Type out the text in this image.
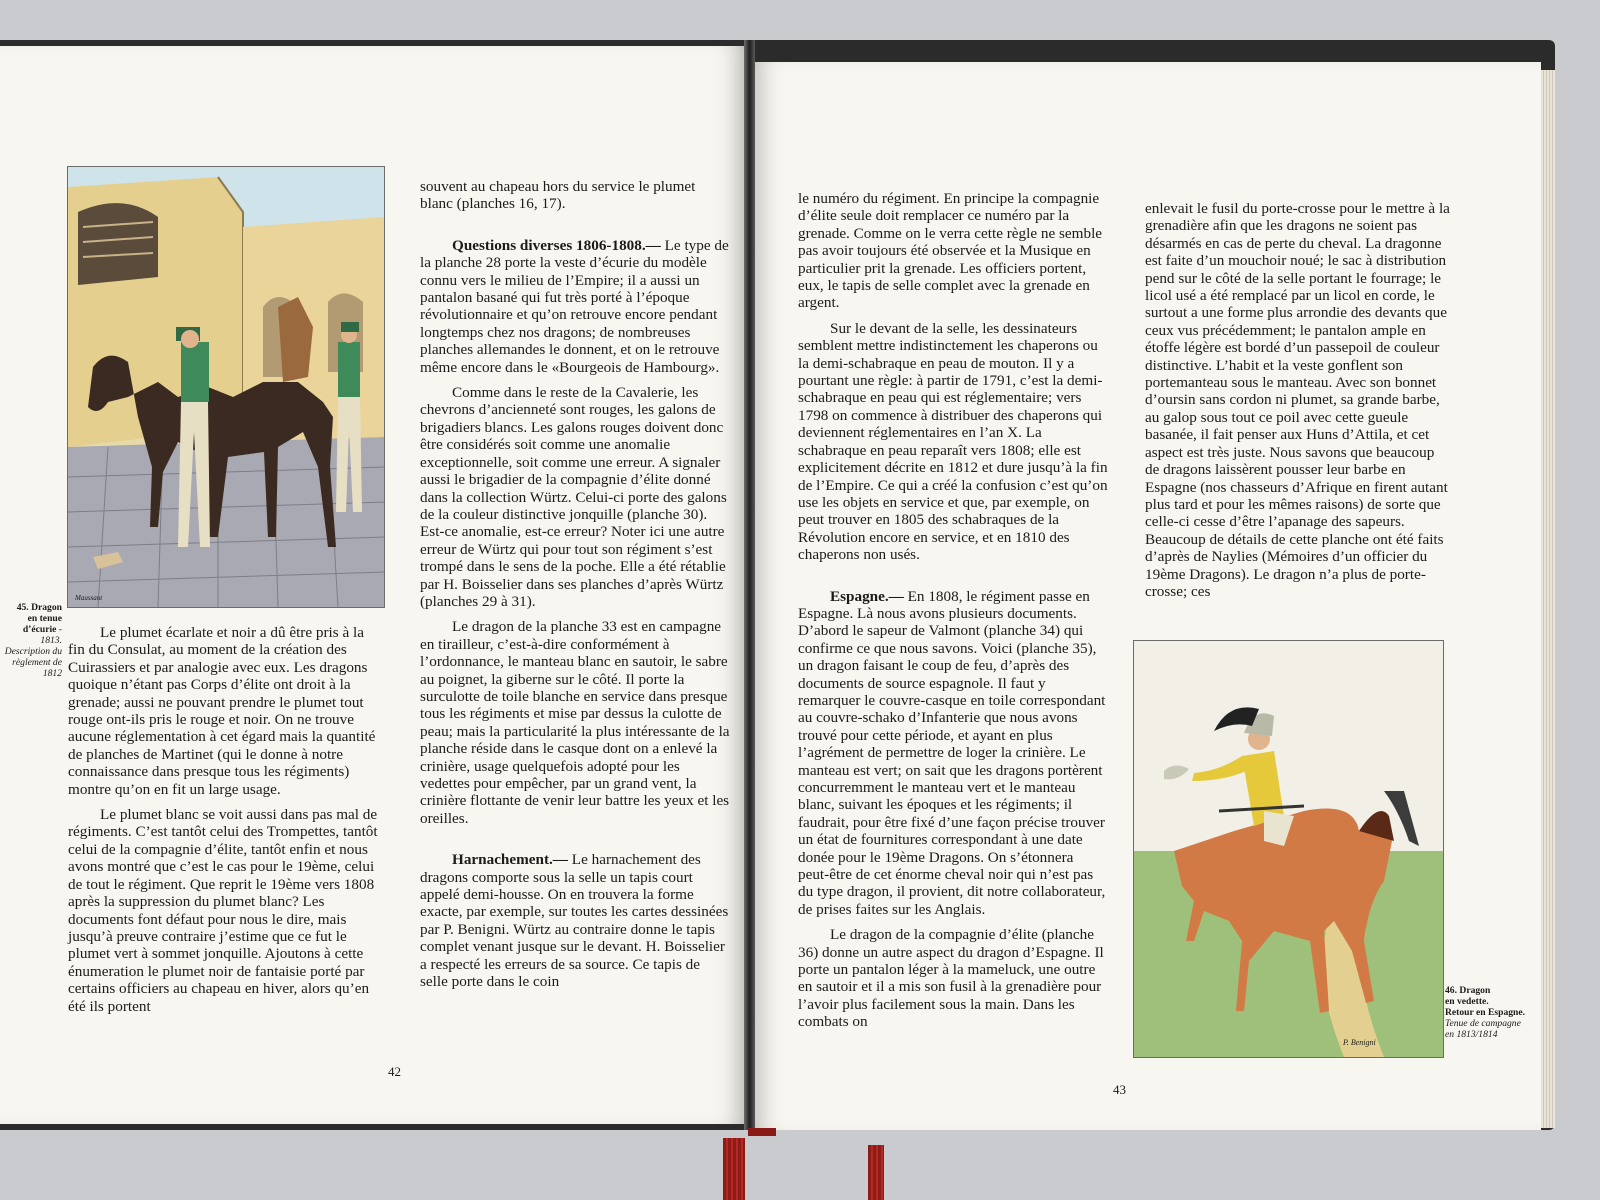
Maussant
45. Dragon
en tenue
d’écurie - 1813.
Description du
règlement de 1812

Le plumet écarlate et noir a dû être pris à la fin du Consulat, au moment de la création des Cuirassiers et par analogie avec eux. Les dragons quoique n’étant pas Corps d’élite ont droit à la grenade; aussi ne pouvant prendre le plumet tout rouge ont-ils pris le rouge et noir. On ne trouve aucune réglementation à cet égard mais la quantité de planches de Martinet (qui le donne à notre connaissance dans presque tous les régiments) montre qu’on en fit un large usage.

Le plumet blanc se voit aussi dans pas mal de régiments. C’est tantôt celui des Trompettes, tantôt celui de la compagnie d’élite, tantôt enfin et nous avons montré que c’est le cas pour le 19ème, celui de tout le régiment. Que reprit le 19ème vers 1808 après la suppression du plumet blanc? Les documents font défaut pour nous le dire, mais jusqu’à preuve contraire j’estime que ce fut le plumet vert à sommet jonquille. Ajoutons à cette énumeration le plumet noir de fantaisie porté par certains officiers au chapeau en hiver, alors qu’en été ils portent

souvent au chapeau hors du service le plumet blanc (planches 16, 17).

Questions diverses 1806-1808.— Le type de la planche 28 porte la veste d’écurie du modèle connu vers le milieu de l’Empire; il a aussi un pantalon basané qui fut très porté à l’époque révolutionnaire et qu’on retrouve encore pendant longtemps chez nos dragons; de nombreuses planches allemandes le donnent, et on le retrouve même encore dans le «Bourgeois de Hambourg».

Comme dans le reste de la Cavalerie, les chevrons d’ancienneté sont rouges, les galons de brigadiers blancs. Les galons rouges doivent donc être considérés soit comme une anomalie exceptionnelle, soit comme une erreur. A signaler aussi le brigadier de la compagnie d’élite donné dans la collection Würtz. Celui-ci porte des galons de la couleur distinctive jonquille (planche 30). Est-ce anomalie, est-ce erreur? Noter ici une autre erreur de Würtz qui pour tout son régiment s’est trompé dans le sens de la poche. Elle a été rétablie par H. Boisselier dans ses planches d’après Würtz (planches 29 à 31).

Le dragon de la planche 33 est en campagne en tirailleur, c’est-à-dire conformément à l’ordonnance, le manteau blanc en sautoir, le sabre au poignet, la giberne sur le côté. Il porte la surculotte de toile blanche en service dans presque tous les régiments et mise par dessus la culotte de peau; mais la particularité la plus intéressante de la planche réside dans le casque dont on a enlevé la crinière, usage quelquefois adopté pour les vedettes pour empêcher, par un grand vent, la crinière flottante de venir leur battre les yeux et les oreilles.

Harnachement.— Le harnachement des dragons comporte sous la selle un tapis court appelé demi-housse. On en trouvera la forme exacte, par exemple, sur toutes les cartes dessinées par P. Benigni. Würtz au contraire donne le tapis complet venant jusque sur le devant. H. Boisselier a respecté les erreurs de sa source. Ce tapis de selle porte dans le coin

42

le numéro du régiment. En principe la compagnie d’élite seule doit remplacer ce numéro par la grenade. Comme on le verra cette règle ne semble pas avoir toujours été observée et la Musique en particulier prit la grenade. Les officiers portent, eux, le tapis de selle complet avec la grenade en argent.

Sur le devant de la selle, les dessinateurs semblent mettre indistinctement les chaperons ou la demi-schabraque en peau de mouton. Il y a pourtant une règle: à partir de 1791, c’est la demi-schabraque en peau qui est réglementaire; vers 1798 on commence à distribuer des chaperons qui deviennent réglementaires en l’an X. La schabraque en peau reparaît vers 1808; elle est explicitement décrite en 1812 et dure jusqu’à la fin de l’Empire. Ce qui a créé la confusion c’est qu’on use les objets en service et que, par exemple, on peut trouver en 1805 des schabraques de la Révolution encore en service, et en 1810 des chaperons non usés.

Espagne.— En 1808, le régiment passe en Espagne. Là nous avons plusieurs documents. D’abord le sapeur de Valmont (planche 34) qui confirme ce que nous savons. Voici (planche 35), un dragon faisant le coup de feu, d’après des documents de source espagnole. Il faut y remarquer le couvre-casque en toile correspondant au couvre-schako d’Infanterie que nous avons trouvé pour cette période, et ayant en plus l’agrément de permettre de loger la crinière. Le manteau est vert; on sait que les dragons portèrent concurremment le manteau vert et le manteau blanc, suivant les époques et les régiments; il faudrait, pour être fixé d’une façon précise trouver un état de fournitures correspondant à une date donée pour le 19ème Dragons. On s’étonnera peut-être de cet énorme cheval noir qui n’est pas du type dragon, il provient, dit notre collaborateur, de prises faites sur les Anglais.

Le dragon de la compagnie d’élite (planche 36) donne un autre aspect du dragon d’Espagne. Il porte un pantalon léger à la mameluck, une outre en sautoir et il a mis son fusil à la grenadière pour l’avoir plus facilement sous la main. Dans les combats on

enlevait le fusil du porte-crosse pour le mettre à la grenadière afin que les dragons ne soient pas désarmés en cas de perte du cheval. La dragonne est faite d’un mouchoir noué; le sac à distribution pend sur le côté de la selle portant le fourrage; le licol usé a été remplacé par un licol en corde, le surtout a une forme plus arrondie des devants que ceux vus précédemment; le pantalon ample en étoffe légère est bordé d’un passepoil de couleur distinctive. L’habit et la veste gonflent son portemanteau sous le manteau. Avec son bonnet d’oursin sans cordon ni plumet, sa grande barbe, au galop sous tout ce poil avec cette gueule basanée, il fait penser aux Huns d’Attila, et cet aspect est très juste. Nous savons que beaucoup de dragons laissèrent pousser leur barbe en Espagne (nos chasseurs d’Afrique en firent autant plus tard et pour les mêmes raisons) de sorte que celle-ci cesse d’être l’apanage des sapeurs. Beaucoup de détails de cette planche ont été faits d’après de Naylies (Mémoires d’un officier du 19ème Dragons). Le dragon n’a plus de porte-crosse; ces

P. Benigni
46. Dragon
en vedette.
Retour en Espagne.
Tenue de campagne
en 1813/1814
43
